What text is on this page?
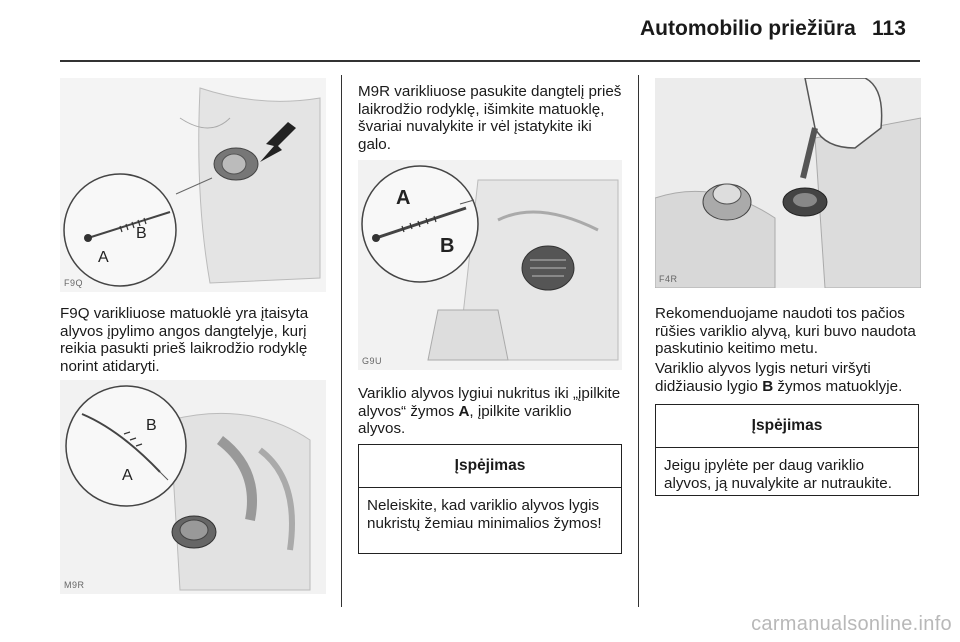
Automobilio priežiūra 113
A
B
F9Q

F9Q varikliuose matuoklė yra įtaisyta alyvos įpylimo angos dangtelyje, kurį reikia pasukti prieš laikrodžio rodyklę norint atidaryti.

B
A
M9R

M9R varikliuose pasukite dangtelį prieš laikrodžio rodyklę, išimkite matuoklę, švariai nuvalykite ir vėl įstatykite iki galo.

A
B
G9U

Variklio alyvos lygiui nukritus iki „įpilkite alyvos“ žymos A, įpilkite variklio alyvos.

Įspėjimas
Neleiskite, kad variklio alyvos lygis nukristų žemiau minimalios žymos!
F4R

Rekomenduojame naudoti tos pačios rūšies variklio alyvą, kuri buvo naudota paskutinio keitimo metu.

Variklio alyvos lygis neturi viršyti didžiausio lygio B žymos matuoklyje.

Įspėjimas
Jeigu įpylėte per daug variklio alyvos, ją nuvalykite ar nutraukite.
carmanualsonline.info
